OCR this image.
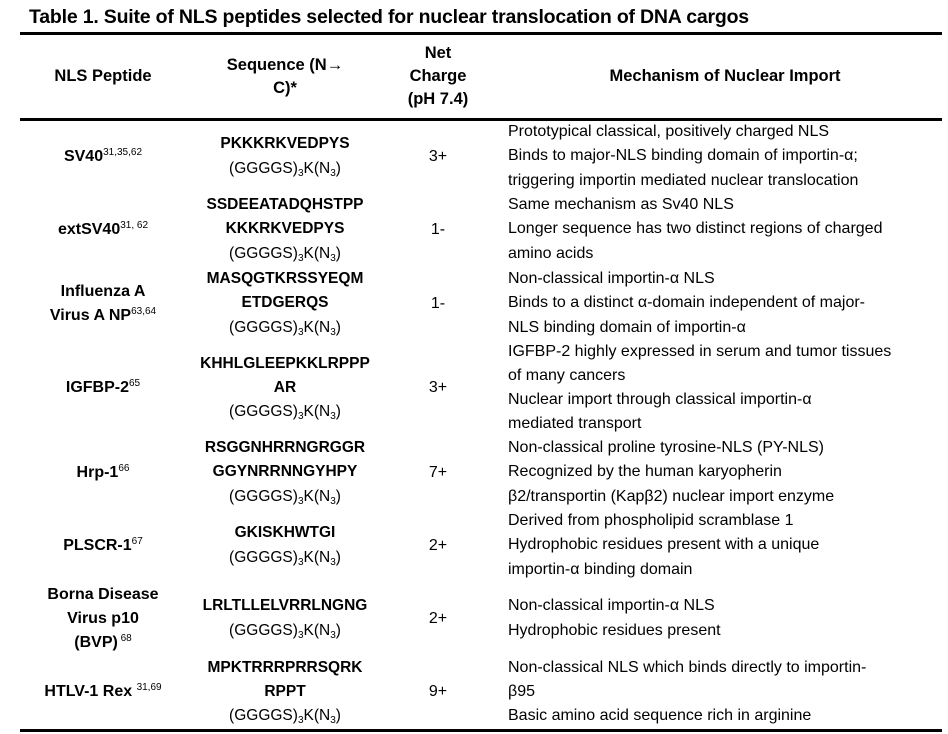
Table 1. Suite of NLS peptides selected for nuclear translocation of DNA cargos
NLS Peptide
Sequence (N→
C)*
Net
Charge
(pH 7.4)
Mechanism of Nuclear Import
SV40$^{31,35,62}$	PKKKRKVEDPYS
$(GGGGS)_3K(N_3)$
3+
Prototypical classical, positively charged NLS
Binds to major-NLS binding domain of importin-α;
triggering importin mediated nuclear translocation
extSV40$^{31, 62}$
SSDEEATADQHSTPP
KKKRKVEDPYS
$(GGGGS)_3K(N_3)$
1-
Same mechanism as Sv40 NLS
Longer sequence has two distinct regions of charged
amino acids
Influenza A
Virus A NP$^{63,64}$
MASQGTKRSSYEQM
ETDGERQS
$(GGGGS)_3K(N_3)$
1-
Non-classical importin-α NLS
Binds to a distinct α-domain independent of major-
NLS binding domain of importin-α
IGFBP-$2^{65}$
KHHLGLEEPKKLRPPP
AR
$(GGGGS)_3K(N_3)$
3+
IGFBP-2 highly expressed in serum and tumor tissues
of many cancers
Nuclear import through classical importin-α
mediated transport
Hrp-$1^{66}$
RSGGNHRRNGRGGR
GGYNRRNNGYHPY
$(GGGGS)_3K(N_3)$
7+
Non-classical proline tyrosine-NLS (PY-NLS)
Recognized by the human karyopherin
β2/transportin (Kapβ2) nuclear import enzyme
PLSCR-$1^{67}$	GKISKHWTGI
$(GGGGS)_3K(N_3)$
2+
Derived from phospholipid scramblase 1
Hydrophobic residues present with a unique
importin-α binding domain
Borna Disease
Virus p10
(BVP) $^{68}$
LRLTLLELVRRLNGNG
$(GGGGS)_3K(N_3)$
2+
Non-classical importin-α NLS
Hydrophobic residues present
HTLV-1 Rex $^{31,69}$
MPKTRRRPRRSQRK
RPPT
$(GGGGS)_3K(N_3)$
9+
Non-classical NLS which binds directly to importin-
β95
Basic amino acid sequence rich in arginine
